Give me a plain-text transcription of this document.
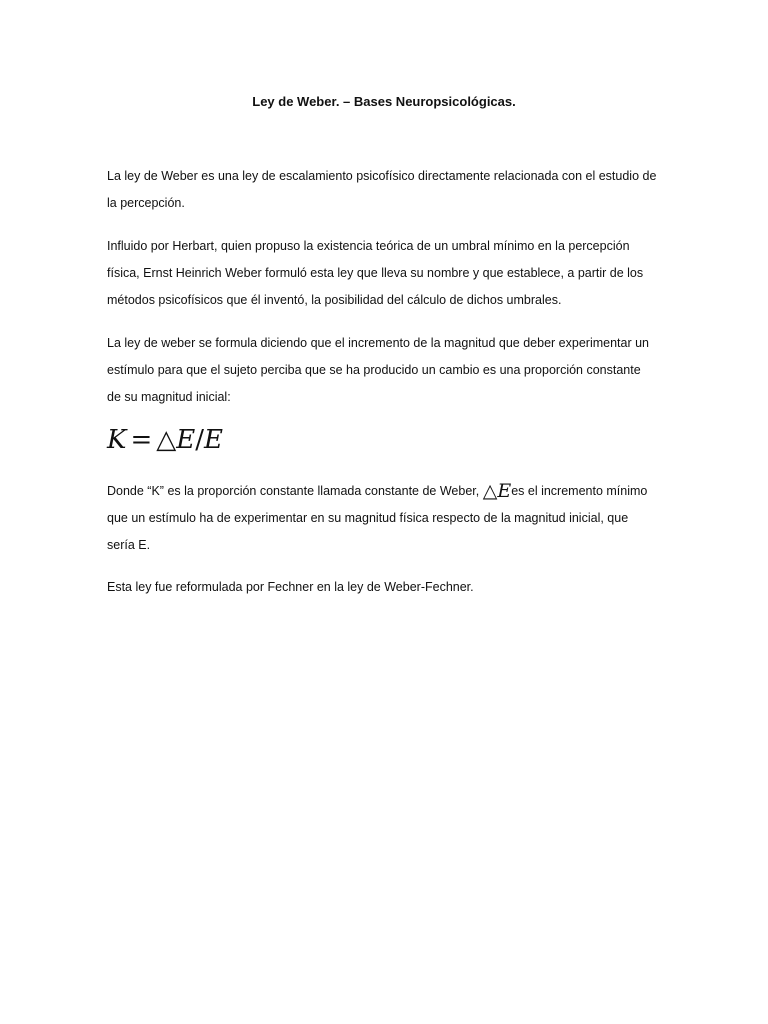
Ley de Weber. – Bases Neuropsicológicas.

La ley de Weber es una ley de escalamiento psicofísico directamente relacionada con el estudio de
la percepción.

Influido por Herbart, quien propuso la existencia teórica de un umbral mínimo en la percepción
física, Ernst Heinrich Weber formuló esta ley que lleva su nombre y que establece, a partir de los
métodos psicofísicos que él inventó, la posibilidad del cálculo de dichos umbrales.

La ley de weber se formula diciendo que el incremento de la magnitud que deber experimentar un
estímulo para que el sujeto perciba que se ha producido un cambio es una proporción constante
de su magnitud inicial:

K = △E/E

Donde “K” es la proporción constante llamada constante de Weber, △Ees el incremento mínimo
que un estímulo ha de experimentar en su magnitud física respecto de la magnitud inicial, que
sería E.

Esta ley fue reformulada por Fechner en la ley de Weber-Fechner.
